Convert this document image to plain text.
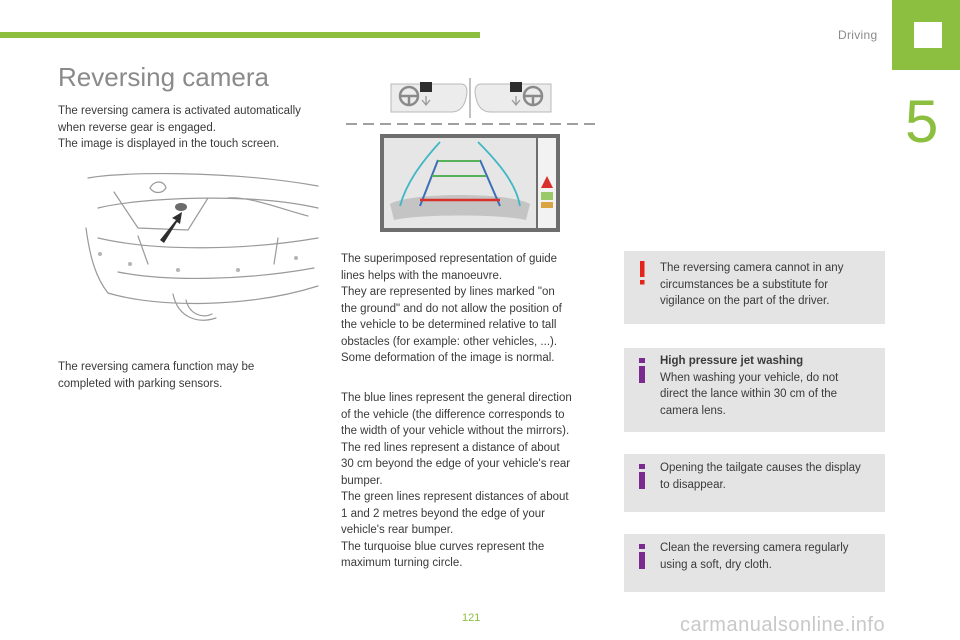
Driving
5
Reversing camera

The reversing camera is activated automatically
when reverse gear is engaged.
The image is displayed in the touch screen.

The reversing camera function may be
completed with parking sensors.

The superimposed representation of guide
lines helps with the manoeuvre.
They are represented by lines marked "on
the ground" and do not allow the position of
the vehicle to be determined relative to tall
obstacles (for example: other vehicles, ...).
Some deformation of the image is normal.

The blue lines represent the general direction
of the vehicle (the difference corresponds to
the width of your vehicle without the mirrors).
The red lines represent a distance of about
30 cm beyond the edge of your vehicle's rear
bumper.
The green lines represent distances of about
1 and 2 metres beyond the edge of your
vehicle's rear bumper.
The turquoise blue curves represent the
maximum turning circle.

The reversing camera cannot in any
circumstances be a substitute for
vigilance on the part of the driver.
High pressure jet washing
When washing your vehicle, do not
direct the lance within 30 cm of the
camera lens.
Opening the tailgate causes the display
to disappear.
Clean the reversing camera regularly
using a soft, dry cloth.
121	carmanualsonline.info
